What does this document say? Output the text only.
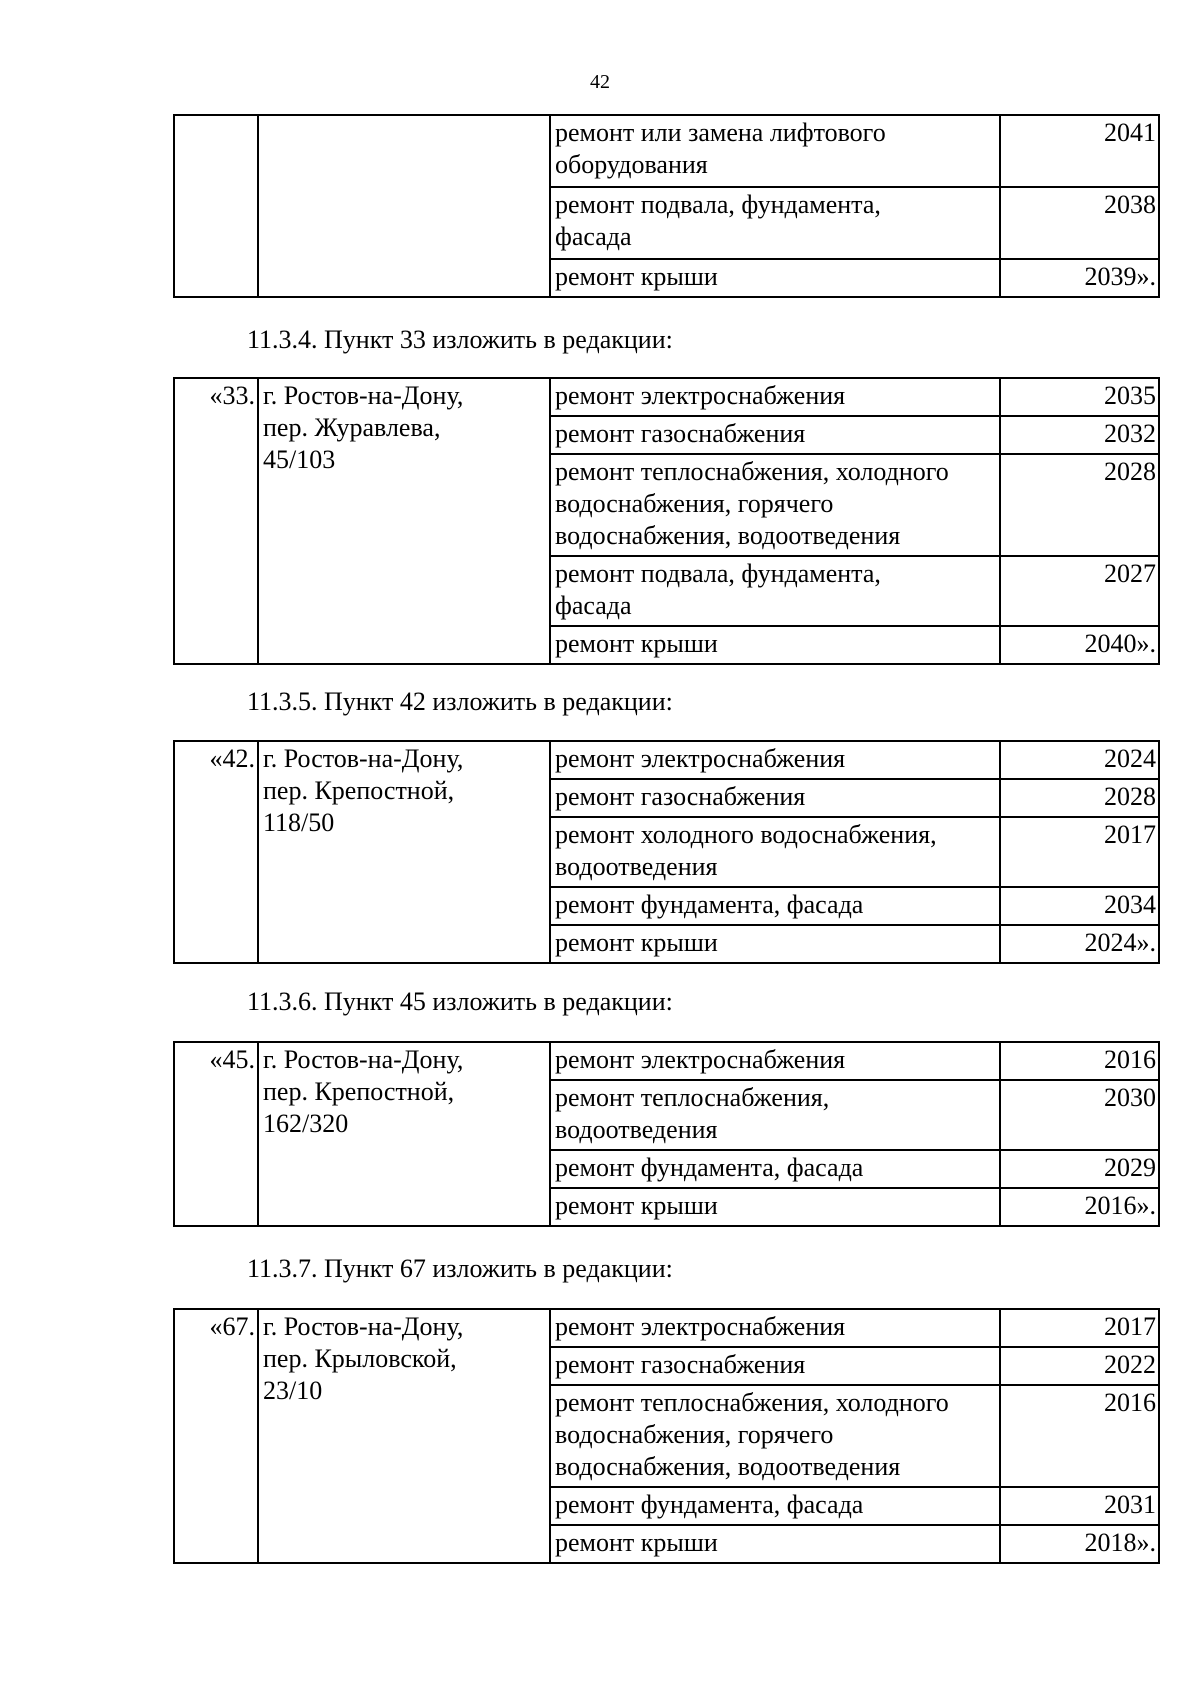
42
		ремонт или замена лифтового
оборудования	2041
		ремонт подвала, фундамента,
фасада	2038
		ремонт крыши	2039».
11.3.4. Пункт 33 изложить в редакции:
«33.	г. Ростов-на-Дону,
пер. Журавлева,
45/103	ремонт электроснабжения	2035
		ремонт газоснабжения	2032
		ремонт теплоснабжения, холодного
водоснабжения, горячего
водоснабжения, водоотведения	2028
		ремонт подвала, фундамента,
фасада	2027
		ремонт крыши	2040».
11.3.5. Пункт 42 изложить в редакции:
«42.	г. Ростов-на-Дону,
пер. Крепостной,
118/50	ремонт электроснабжения	2024
		ремонт газоснабжения	2028
		ремонт холодного водоснабжения,
водоотведения	2017
		ремонт фундамента, фасада	2034
		ремонт крыши	2024».
11.3.6. Пункт 45 изложить в редакции:
«45.	г. Ростов-на-Дону,
пер. Крепостной,
162/320	ремонт электроснабжения	2016
		ремонт теплоснабжения,
водоотведения	2030
		ремонт фундамента, фасада	2029
		ремонт крыши	2016».
11.3.7. Пункт 67 изложить в редакции:
«67.	г. Ростов-на-Дону,
пер. Крыловской,
23/10	ремонт электроснабжения	2017
		ремонт газоснабжения	2022
		ремонт теплоснабжения, холодного
водоснабжения, горячего
водоснабжения, водоотведения	2016
		ремонт фундамента, фасада	2031
		ремонт крыши	2018».
